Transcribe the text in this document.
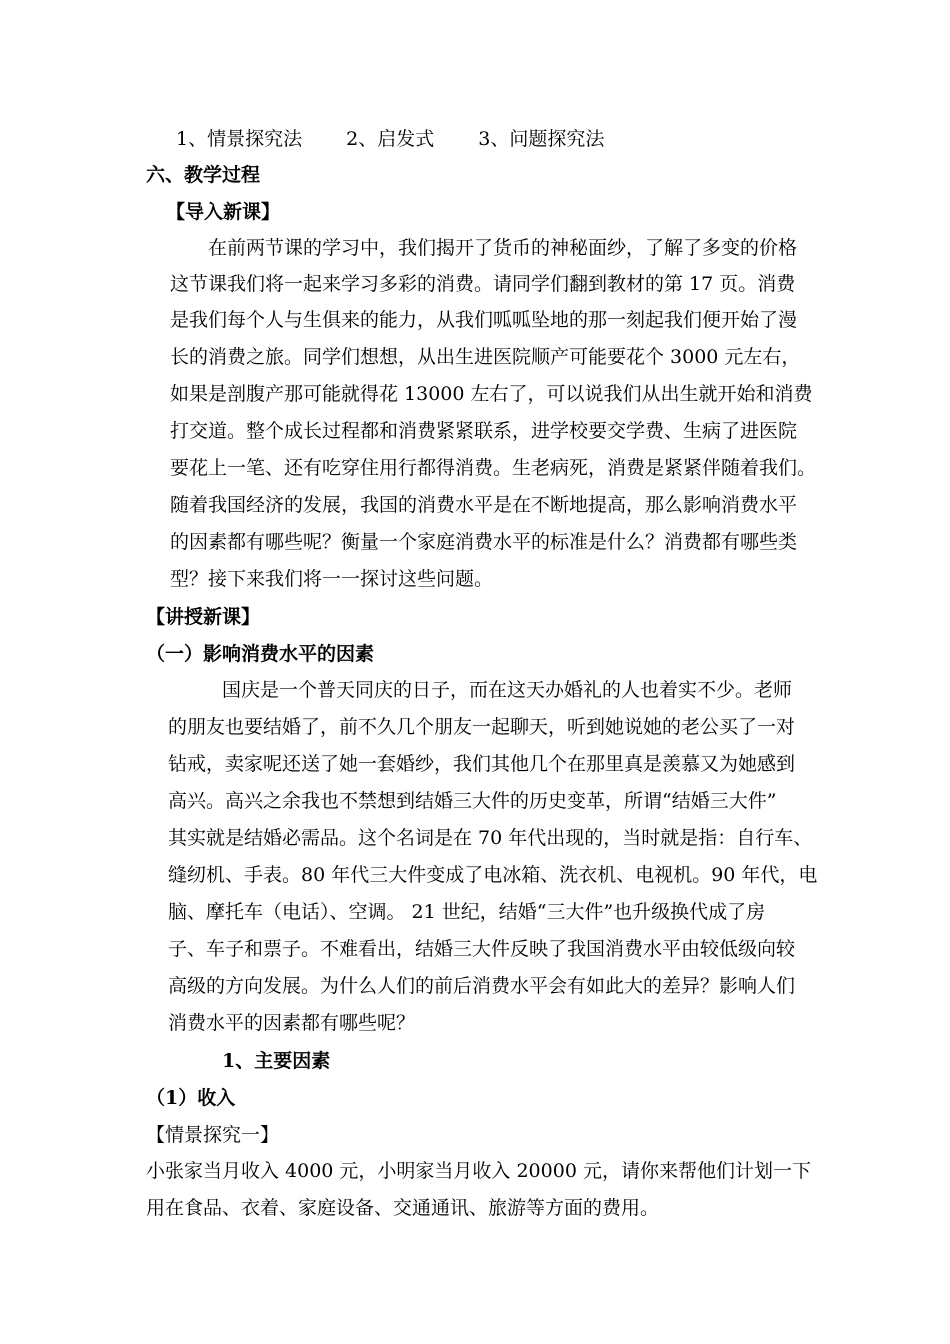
1、情景探究法 2、启发式 3、问题探究法
六、教学过程
【导入新课】
在前两节课的学习中，我们揭开了货币的神秘面纱，了解了多变的价格
这节课我们将一起来学习多彩的消费。请同学们翻到教材的第 17 页。消费
是我们每个人与生俱来的能力，从我们呱呱坠地的那一刻起我们便开始了漫
长的消费之旅。同学们想想，从出生进医院顺产可能要花个 3000 元左右，
如果是剖腹产那可能就得花 13000 左右了，可以说我们从出生就开始和消费
打交道。整个成长过程都和消费紧紧联系，进学校要交学费、生病了进医院
要花上一笔、还有吃穿住用行都得消费。生老病死，消费是紧紧伴随着我们。
随着我国经济的发展，我国的消费水平是在不断地提高，那么影响消费水平
的因素都有哪些呢？衡量一个家庭消费水平的标准是什么？消费都有哪些类
型？接下来我们将一一探讨这些问题。
【讲授新课】
（一）影响消费水平的因素
国庆是一个普天同庆的日子，而在这天办婚礼的人也着实不少。老师
的朋友也要结婚了，前不久几个朋友一起聊天，听到她说她的老公买了一对
钻戒，卖家呢还送了她一套婚纱，我们其他几个在那里真是羡慕又为她感到
高兴。高兴之余我也不禁想到结婚三大件的历史变革，所谓“结婚三大件”
其实就是结婚必需品。这个名词是在 70 年代出现的，当时就是指：自行车、
缝纫机、手表。80 年代三大件变成了电冰箱、洗衣机、电视机。90 年代，电
脑、摩托车（电话）、空调。 21 世纪，结婚“三大件”也升级换代成了房
子、车子和票子。不难看出，结婚三大件反映了我国消费水平由较低级向较
高级的方向发展。为什么人们的前后消费水平会有如此大的差异？影响人们
消费水平的因素都有哪些呢？
1、主要因素
（1）收入
【情景探究一】
小张家当月收入 4000 元，小明家当月收入 20000 元，请你来帮他们计划一下
用在食品、衣着、家庭设备、交通通讯、旅游等方面的费用。
